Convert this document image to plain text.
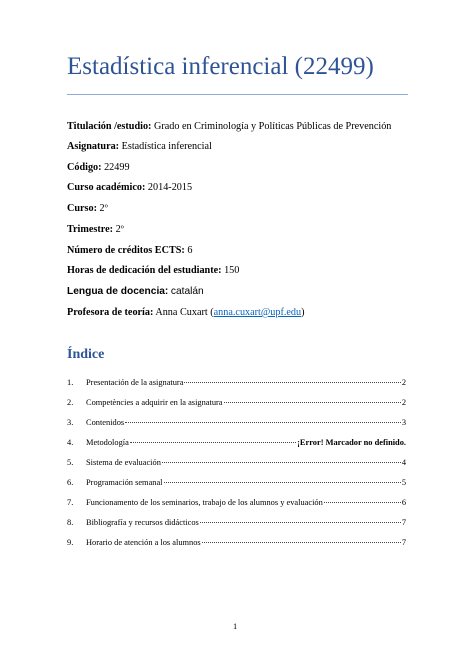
Estadística inferencial (22499)
Titulación /estudio: Grado en Criminología y Políticas Públicas de Prevención
Asignatura: Estadística inferencial
Código: 22499
Curso académico: 2014-2015
Curso: 2º
Trimestre: 2º
Número de créditos ECTS: 6
Horas de dedicación del estudiante: 150
Lengua de docencia: catalán
Profesora de teoría: Anna Cuxart (anna.cuxart@upf.edu)
Índice
1.	Presentación de la asignatura	2
2.	Competències a adquirir en la asignatura	2
3.	Contenidos	3
4.	Metodología	¡Error! Marcador no definido.
5.	Sistema de evaluación	4
6.	Programación semanal	5
7.	Funcionamento de los seminarios, trabajo de los alumnos y evaluación	6
8.	Bibliografía y recursos didácticos	7
9.	Horario de atención a los alumnos	7
1
